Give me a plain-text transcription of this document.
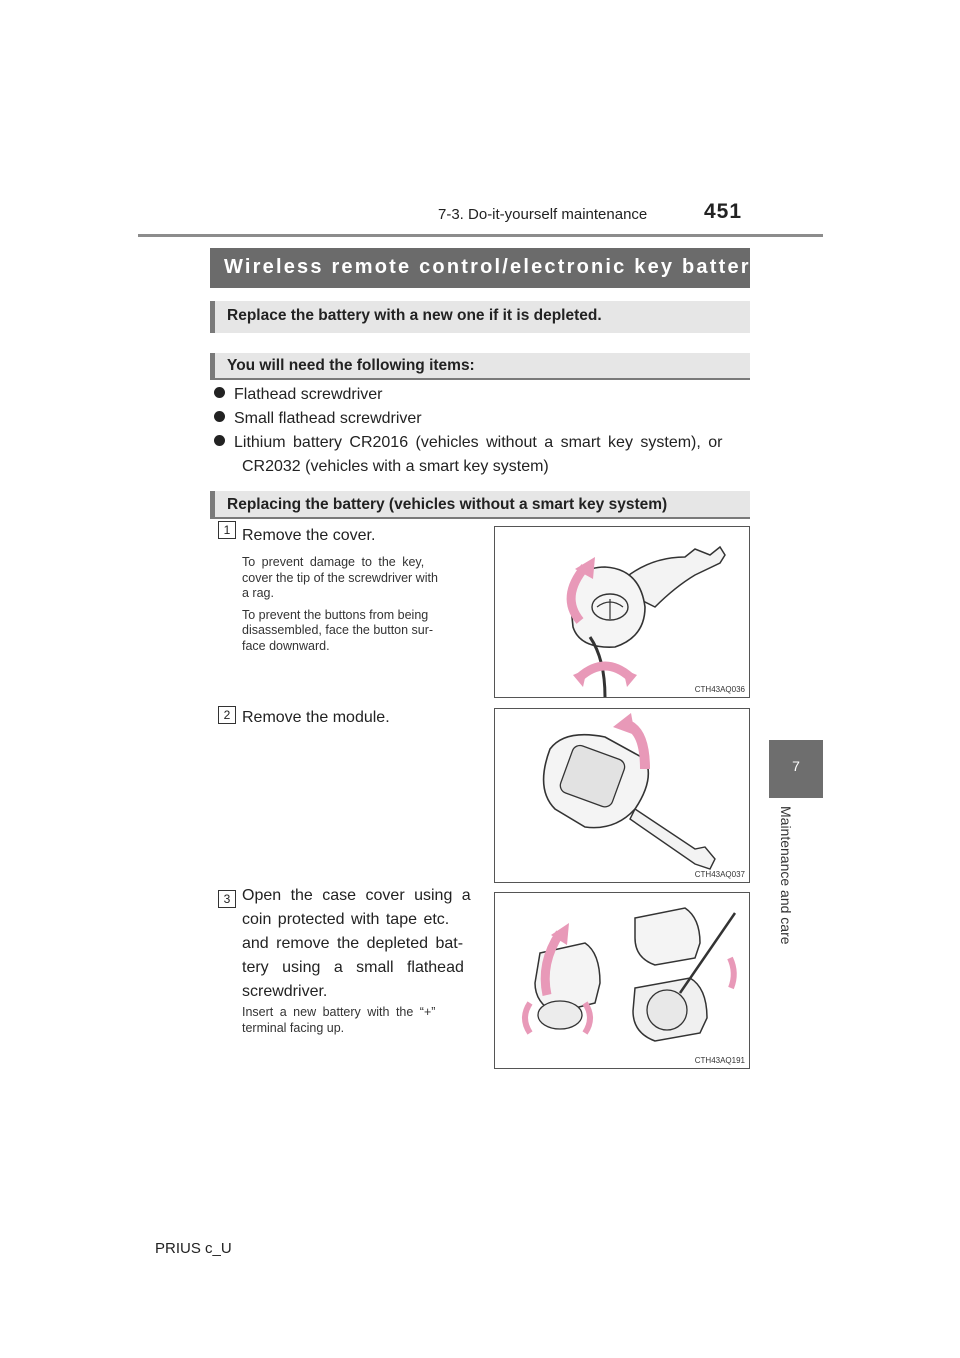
7-3. Do-it-yourself maintenance	451
7
Maintenance and care
Wireless remote control/electronic key battery
Replace the battery with a new one if it is depleted.
You will need the following items:
Flathead screwdriver
Small flathead screwdriver
Lithium battery CR2016 (vehicles without a smart key system), or
CR2032 (vehicles with a smart key system)
Replacing the battery (vehicles without a smart key system)
1 Remove the cover.
To prevent damage to the key,
cover the tip of the screwdriver with
a rag.
To prevent the buttons from being
disassembled, face the button sur-
face downward.
CTH43AQ036
2 Remove the module.
CTH43AQ037
3 Open the case cover using a
coin protected with tape etc.
and remove the depleted bat-
tery using a small flathead
screwdriver.
Insert a new battery with the “+”
terminal facing up.
CTH43AQ191
PRIUS c_U
